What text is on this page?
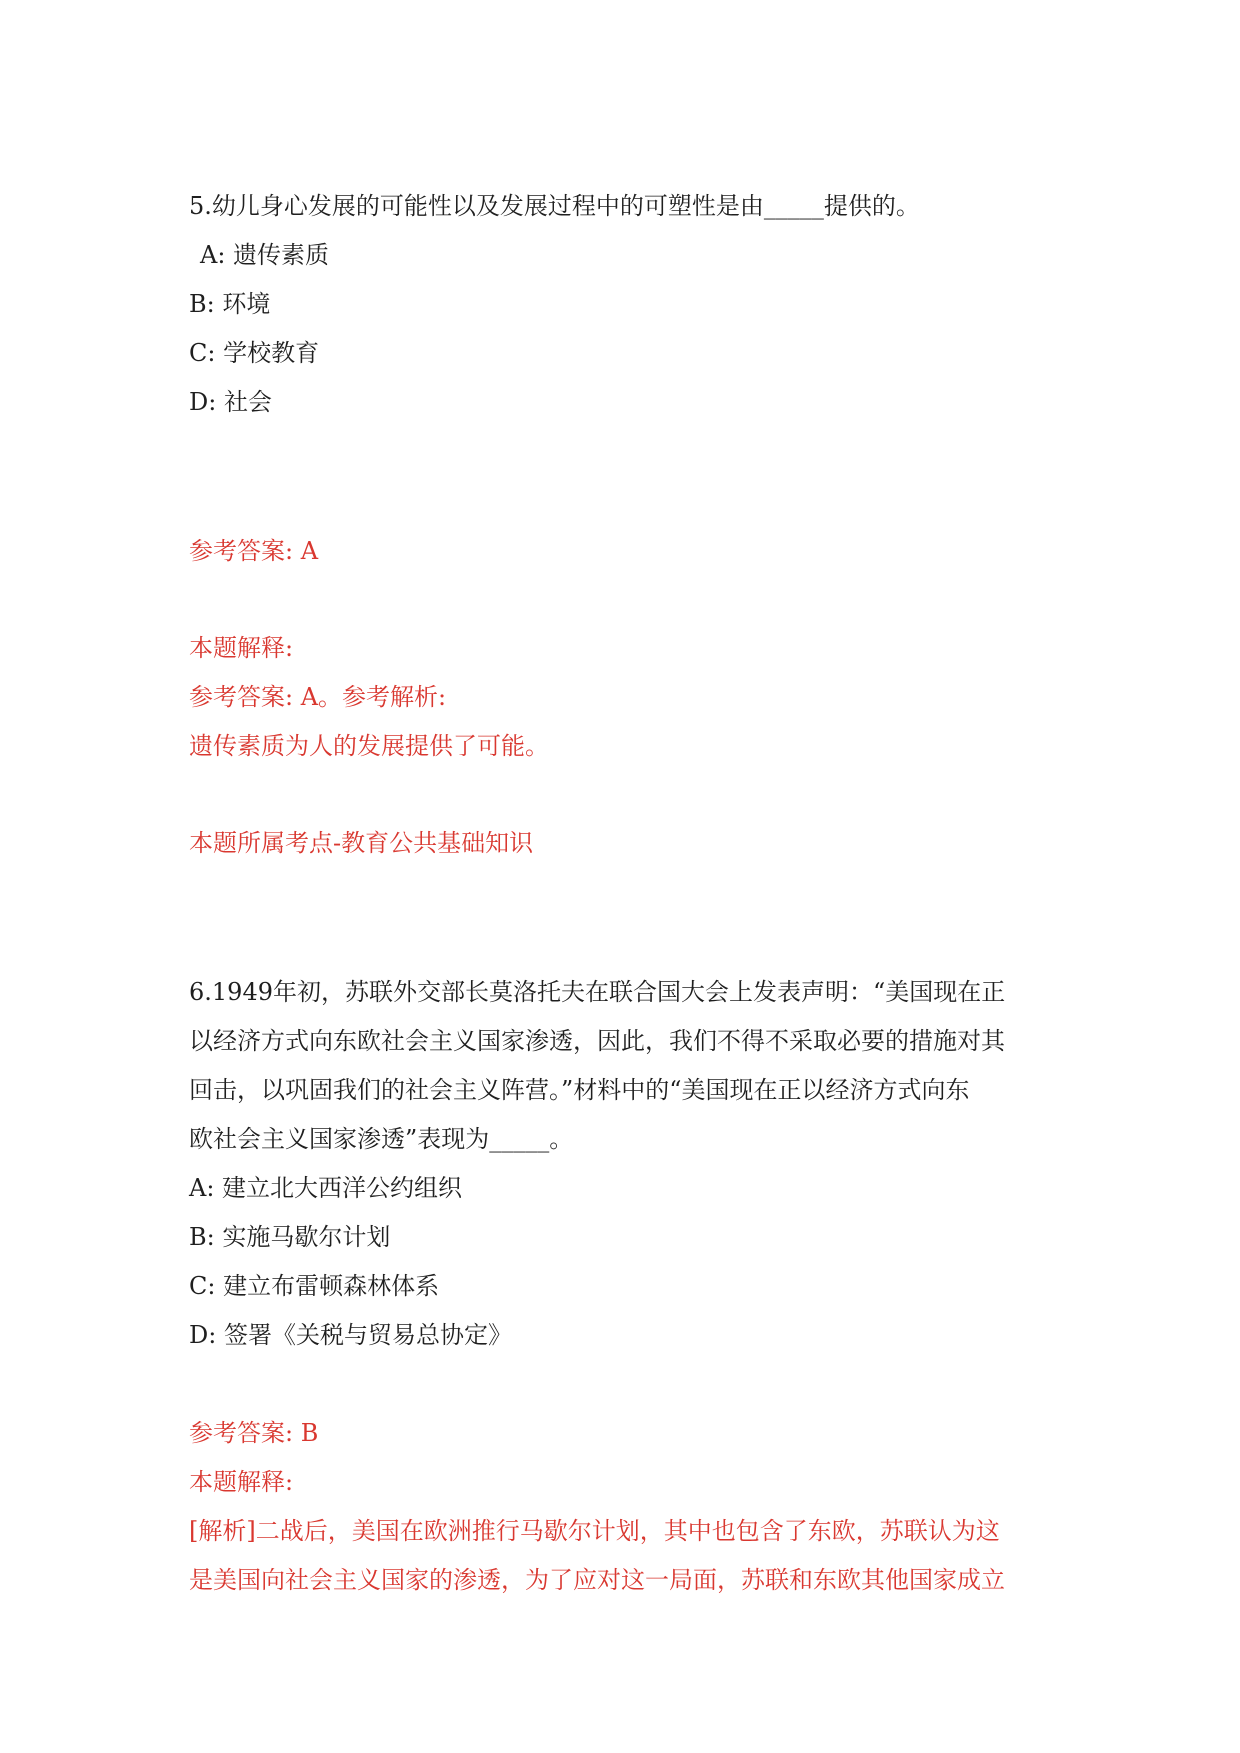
5.幼儿身心发展的可能性以及发展过程中的可塑性是由_____提供的。
A: 遗传素质
B: 环境
C: 学校教育
D: 社会
参考答案: A
本题解释:
参考答案: A。参考解析:
遗传素质为人的发展提供了可能。
本题所属考点-教育公共基础知识
6.1949年初，苏联外交部长莫洛托夫在联合国大会上发表声明：“美国现在正
以经济方式向东欧社会主义国家渗透，因此，我们不得不采取必要的措施对其
回击，以巩固我们的社会主义阵营。”材料中的“美国现在正以经济方式向东
欧社会主义国家渗透”表现为_____。
A: 建立北大西洋公约组织
B: 实施马歇尔计划
C: 建立布雷顿森林体系
D: 签署《关税与贸易总协定》
参考答案: B
本题解释:
[解析]二战后，美国在欧洲推行马歇尔计划，其中也包含了东欧，苏联认为这
是美国向社会主义国家的渗透，为了应对这一局面，苏联和东欧其他国家成立
